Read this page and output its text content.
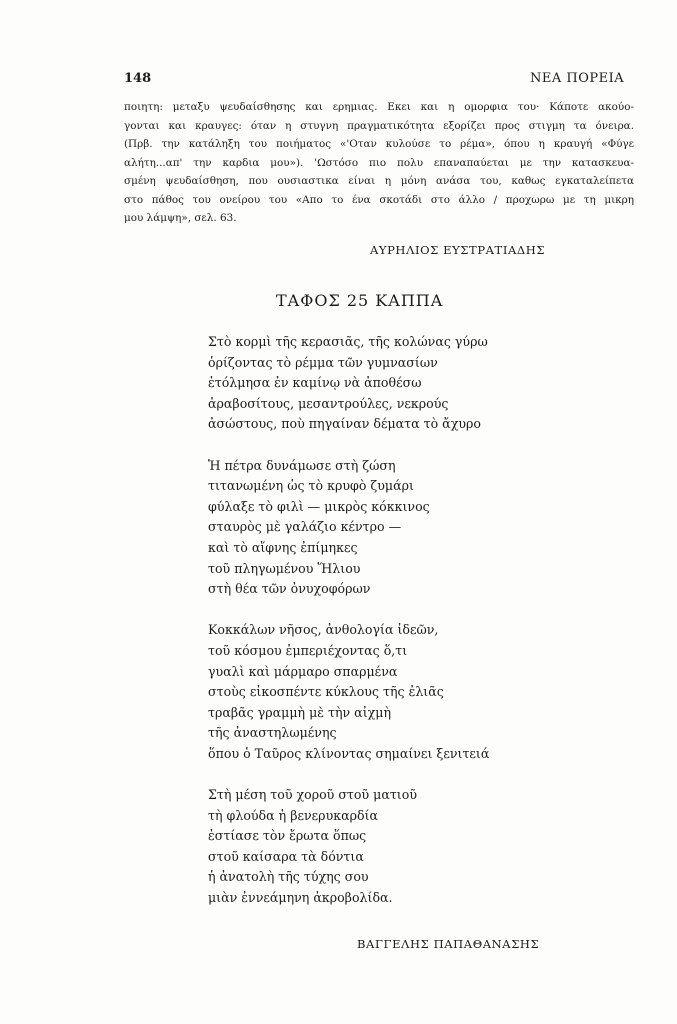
148	ΝΕΑ ΠΟΡΕΙΑ
ποιητη: μεταξυ ψευδαίσθησης και ερημιας. Εκει και η ομορφια του· Κάποτε ακούο-
γονται και κραυγες: όταν η στυγνη πραγματικότητα εξορίζει προς στιγμη τα όνειρα.
(Πρβ. την κατάληξη του ποιήματος «'Οταν κυλούσε το ρέμα», όπου η κραυγή «Φύγε
αλήτη...απ' την καρδια μου»). 'Ωστόσο πιο πολυ επαναπαύεται με την κατασκευα-
σμένη ψευδαίσθηση, που ουσιαστικα είναι η μόνη ανάσα του, καθως εγκαταλείπετα
στο πάθος του ονείρου του «Απο το ένα σκοτάδι στο άλλο / προχωρω με τη μικρη
μου λάμψη», σελ. 63.
ΑΥΡΗΛΙΟΣ ΕΥΣΤΡΑΤΙΑΔΗΣ
ΤΑΦΟΣ 25 ΚΑΠΠΑ
Στὸ κορμὶ τῆς κερασιᾶς, τῆς κολώνας γύρω
ὁρίζοντας τὸ ρέμμα τῶν γυμνασίων
ἐτόλμησα ἐν καμίνῳ νὰ ἀποθέσω
ἀραβοσίτους, μεσαντρούλες, νεκρούς
ἀσώστους, ποὺ πηγαίναν δέματα τὸ ἄχυρο
Ἡ πέτρα δυνάμωσε στὴ ζώση
τιτανωμένη ὡς τὸ κρυφὸ ζυμάρι
φύλαξε τὸ φιλὶ — μικρὸς κόκκινος
σταυρὸς μὲ γαλάζιο κέντρο —
καὶ τὸ αἴφνης ἐπίμηκες
τοῦ πληγωμένου Ἥλιου
στὴ θέα τῶν ὀνυχοφόρων
Κοκκάλων νῆσος, ἀνθολογία ἰδεῶν,
τοῦ κόσμου ἐμπεριέχοντας ὅ,τι
γυαλὶ καὶ μάρμαρο σπαρμένα
στοὺς εἰκοσπέντε κύκλους τῆς ἐλιᾶς
τραβᾶς γραμμὴ μὲ τὴν αἰχμὴ
τῆς ἀναστηλωμένης
ὅπου ὁ Ταῦρος κλίνοντας σημαίνει ξενιτειά
Στὴ μέση τοῦ χοροῦ στοῦ ματιοῦ
τὴ φλούδα ἡ βενερυκαρδία
ἐστίασε τὸν ἔρωτα ὅπως
στοῦ καίσαρα τὰ δόντια
ἡ ἀνατολὴ τῆς τύχης σου
μιὰν ἐννεάμηνη ἀκροβολίδα.
ΒΑΓΓΕΛΗΣ ΠΑΠΑΘΑΝΑΣΗΣ
